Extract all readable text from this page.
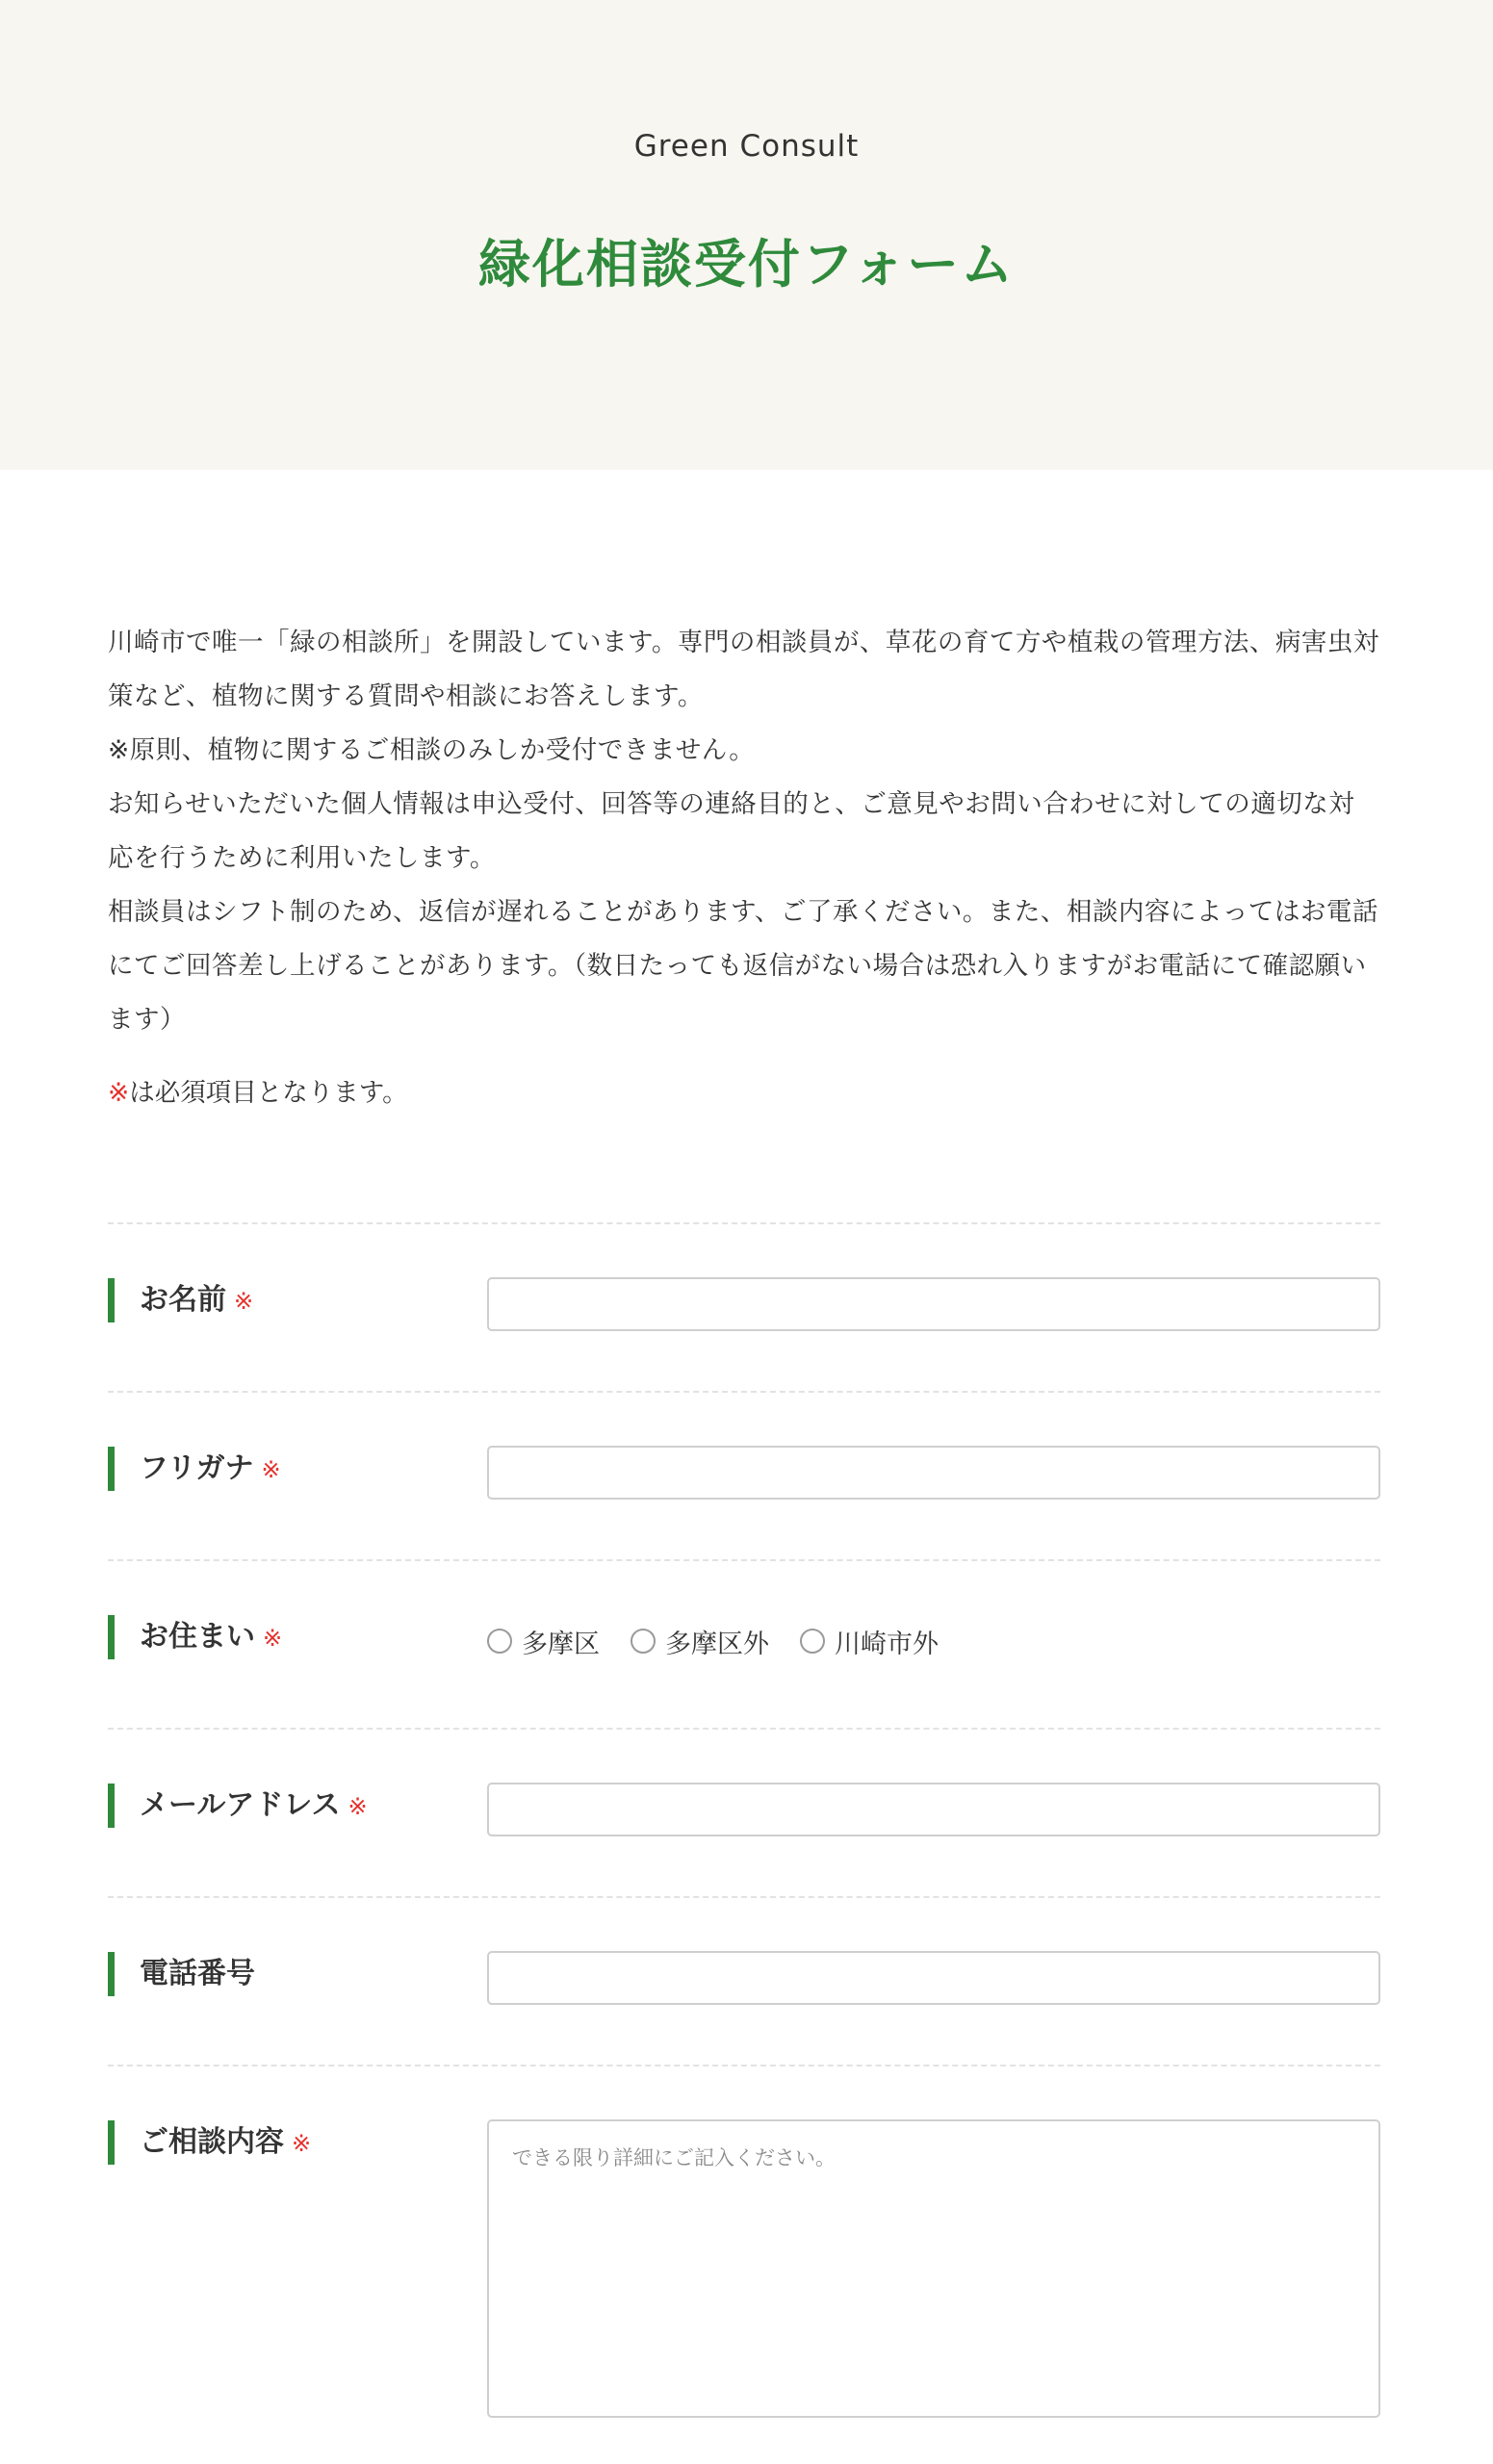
Green Consult
緑化相談受付フォーム

川崎市で唯一「緑の相談所」を開設しています。専門の相談員が、草花の育て方や植栽の管理方法、病害虫対策など、植物に関する質問や相談にお答えします。

※原則、植物に関するご相談のみしか受付できません。

お知らせいただいた個人情報は申込受付、回答等の連絡目的と、ご意見やお問い合わせに対しての適切な対応を行うために利用いたします。

相談員はシフト制のため、返信が遅れることがあります、ご了承ください。また、相談内容によってはお電話にてご回答差し上げることがあります。（数日たっても返信がない場合は恐れ入りますがお電話にて確認願います）

※は必須項目となります。
お名前 ※
フリガナ ※
お住まい ※	多摩区	多摩区外	川崎市外
メールアドレス ※
電話番号
ご相談内容 ※
できる限り詳細にご記入ください。
